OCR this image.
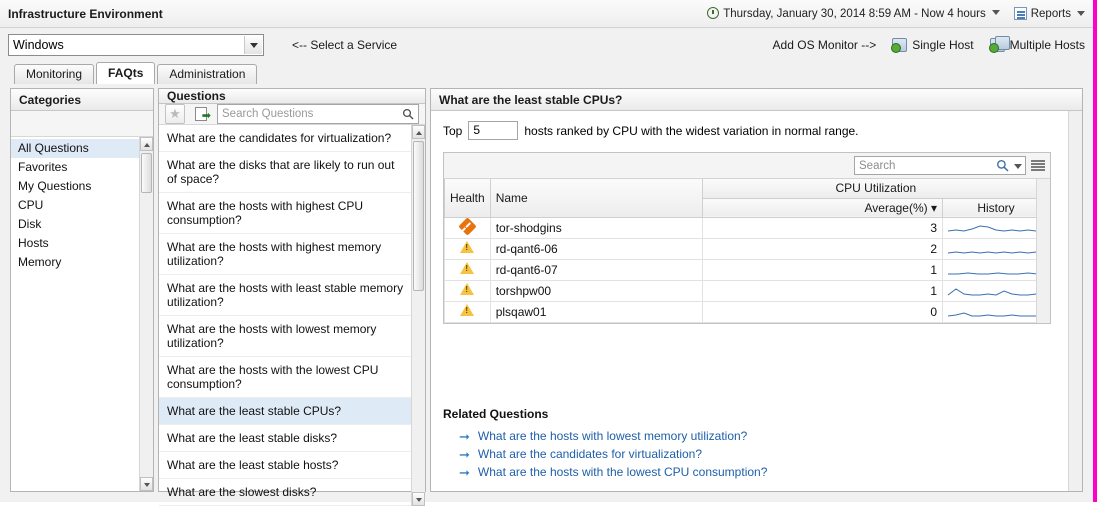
Infrastructure Environment	Thursday, January 30, 2014 8:59 AM - Now 4 hours	Reports
Windows	<-- Select a Service	Add OS Monitor -->	Single Host	Multiple Hosts
Monitoring	FAQts	Administration
Categories
All Questions
Favorites
My Questions
CPU
Disk
Hosts
Memory
Questions
★	➡ Search Questions
What are the candidates for virtualization?
What are the disks that are likely to run out of space?
What are the hosts with highest CPU consumption?
What are the hosts with highest memory utilization?
What are the hosts with least stable memory utilization?
What are the hosts with lowest memory utilization?
What are the hosts with the lowest CPU consumption?
What are the least stable CPUs?
What are the least stable disks?
What are the least stable hosts?
What are the slowest disks?
What are the least stable CPUs?
Top 5	hosts ranked by CPU with the widest variation in normal range.
Search
Health	Name	CPU Utilization	
		Average(%) ▾	History
	tor-shodgins	3	

!	rd-qant6-06	2	

!	rd-qant6-07	1	

!	torshpw00	1	

!	plsqaw01	0	
Related Questions
➞ What are the hosts with lowest memory utilization?
➞ What are the candidates for virtualization?
➞ What are the hosts with the lowest CPU consumption?
